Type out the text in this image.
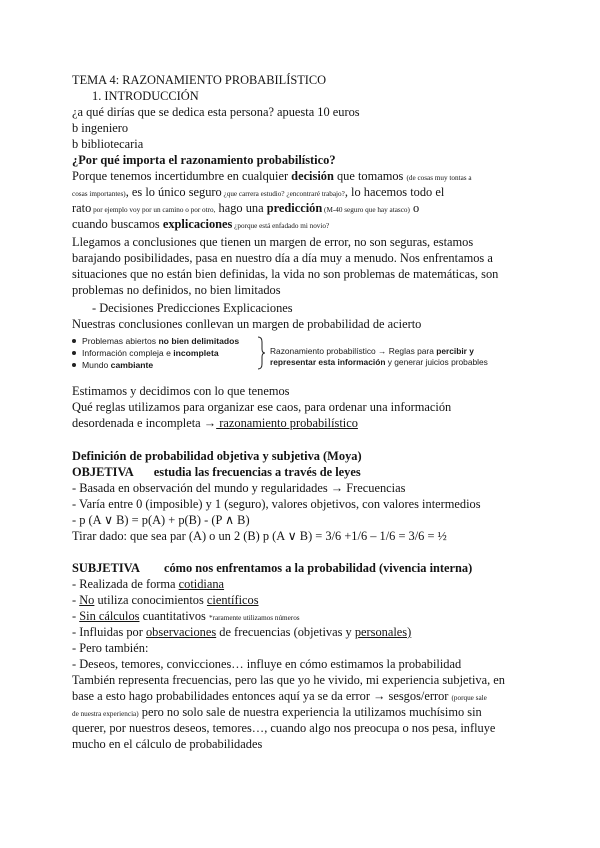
TEMA 4: RAZONAMIENTO PROBABILÍSTICO
1. INTRODUCCIÓN
¿a qué dirías que se dedica esta persona? apuesta 10 euros
b ingeniero
b bibliotecaria
¿Por qué importa el razonamiento probabilístico?
Porque tenemos incertidumbre en cualquier decisión que tomamos (de cosas muy tontas a
cosas importantes), es lo único seguro ¿que carrera estudio? ¿encontraré trabajo?, lo hacemos todo el
rato por ejemplo voy por un camino o por otro, hago una predicción (M-40 seguro que hay atasco) o
cuando buscamos explicaciones ¿porque está enfadado mi novio?
Llegamos a conclusiones que tienen un margen de error, no son seguras, estamos
barajando posibilidades, pasa en nuestro día a día muy a menudo. Nos enfrentamos a
situaciones que no están bien definidas, la vida no son problemas de matemáticas, son
problemas no definidos, no bien limitados
- Decisiones Predicciones Explicaciones
Nuestras conclusiones conllevan un margen de probabilidad de acierto
Problemas abiertos no bien delimitados
Información compleja e incompleta
Mundo cambiante
Razonamiento probabilístico → Reglas para percibir y
representar esta información y generar juicios probables
Estimamos y decidimos con lo que tenemos
Qué reglas utilizamos para organizar ese caos, para ordenar una información
desordenada e incompleta → razonamiento probabilístico
Definición de probabilidad objetiva y subjetiva (Moya)
OBJETIVA estudia las frecuencias a través de leyes
- Basada en observación del mundo y regularidades → Frecuencias
- Varía entre 0 (imposible) y 1 (seguro), valores objetivos, con valores intermedios
- p (A ∨ B) = p(A) + p(B) - (P ∧ B)
Tirar dado: que sea par (A) o un 2 (B) p (A ∨ B) = 3/6 +1/6 – 1/6 = 3/6 = ½
SUBJETIVA cómo nos enfrentamos a la probabilidad (vivencia interna)
- Realizada de forma cotidiana
- No utiliza conocimientos científicos
- Sin cálculos cuantitativos *raramente utilizamos números
- Influidas por observaciones de frecuencias (objetivas y personales)
- Pero también:
- Deseos, temores, convicciones… influye en cómo estimamos la probabilidad
También representa frecuencias, pero las que yo he vivido, mi experiencia subjetiva, en
base a esto hago probabilidades entonces aquí ya se da error → sesgos/error (porque sale
de nuestra experiencia) pero no solo sale de nuestra experiencia la utilizamos muchísimo sin
querer, por nuestros deseos, temores…, cuando algo nos preocupa o nos pesa, influye
mucho en el cálculo de probabilidades
